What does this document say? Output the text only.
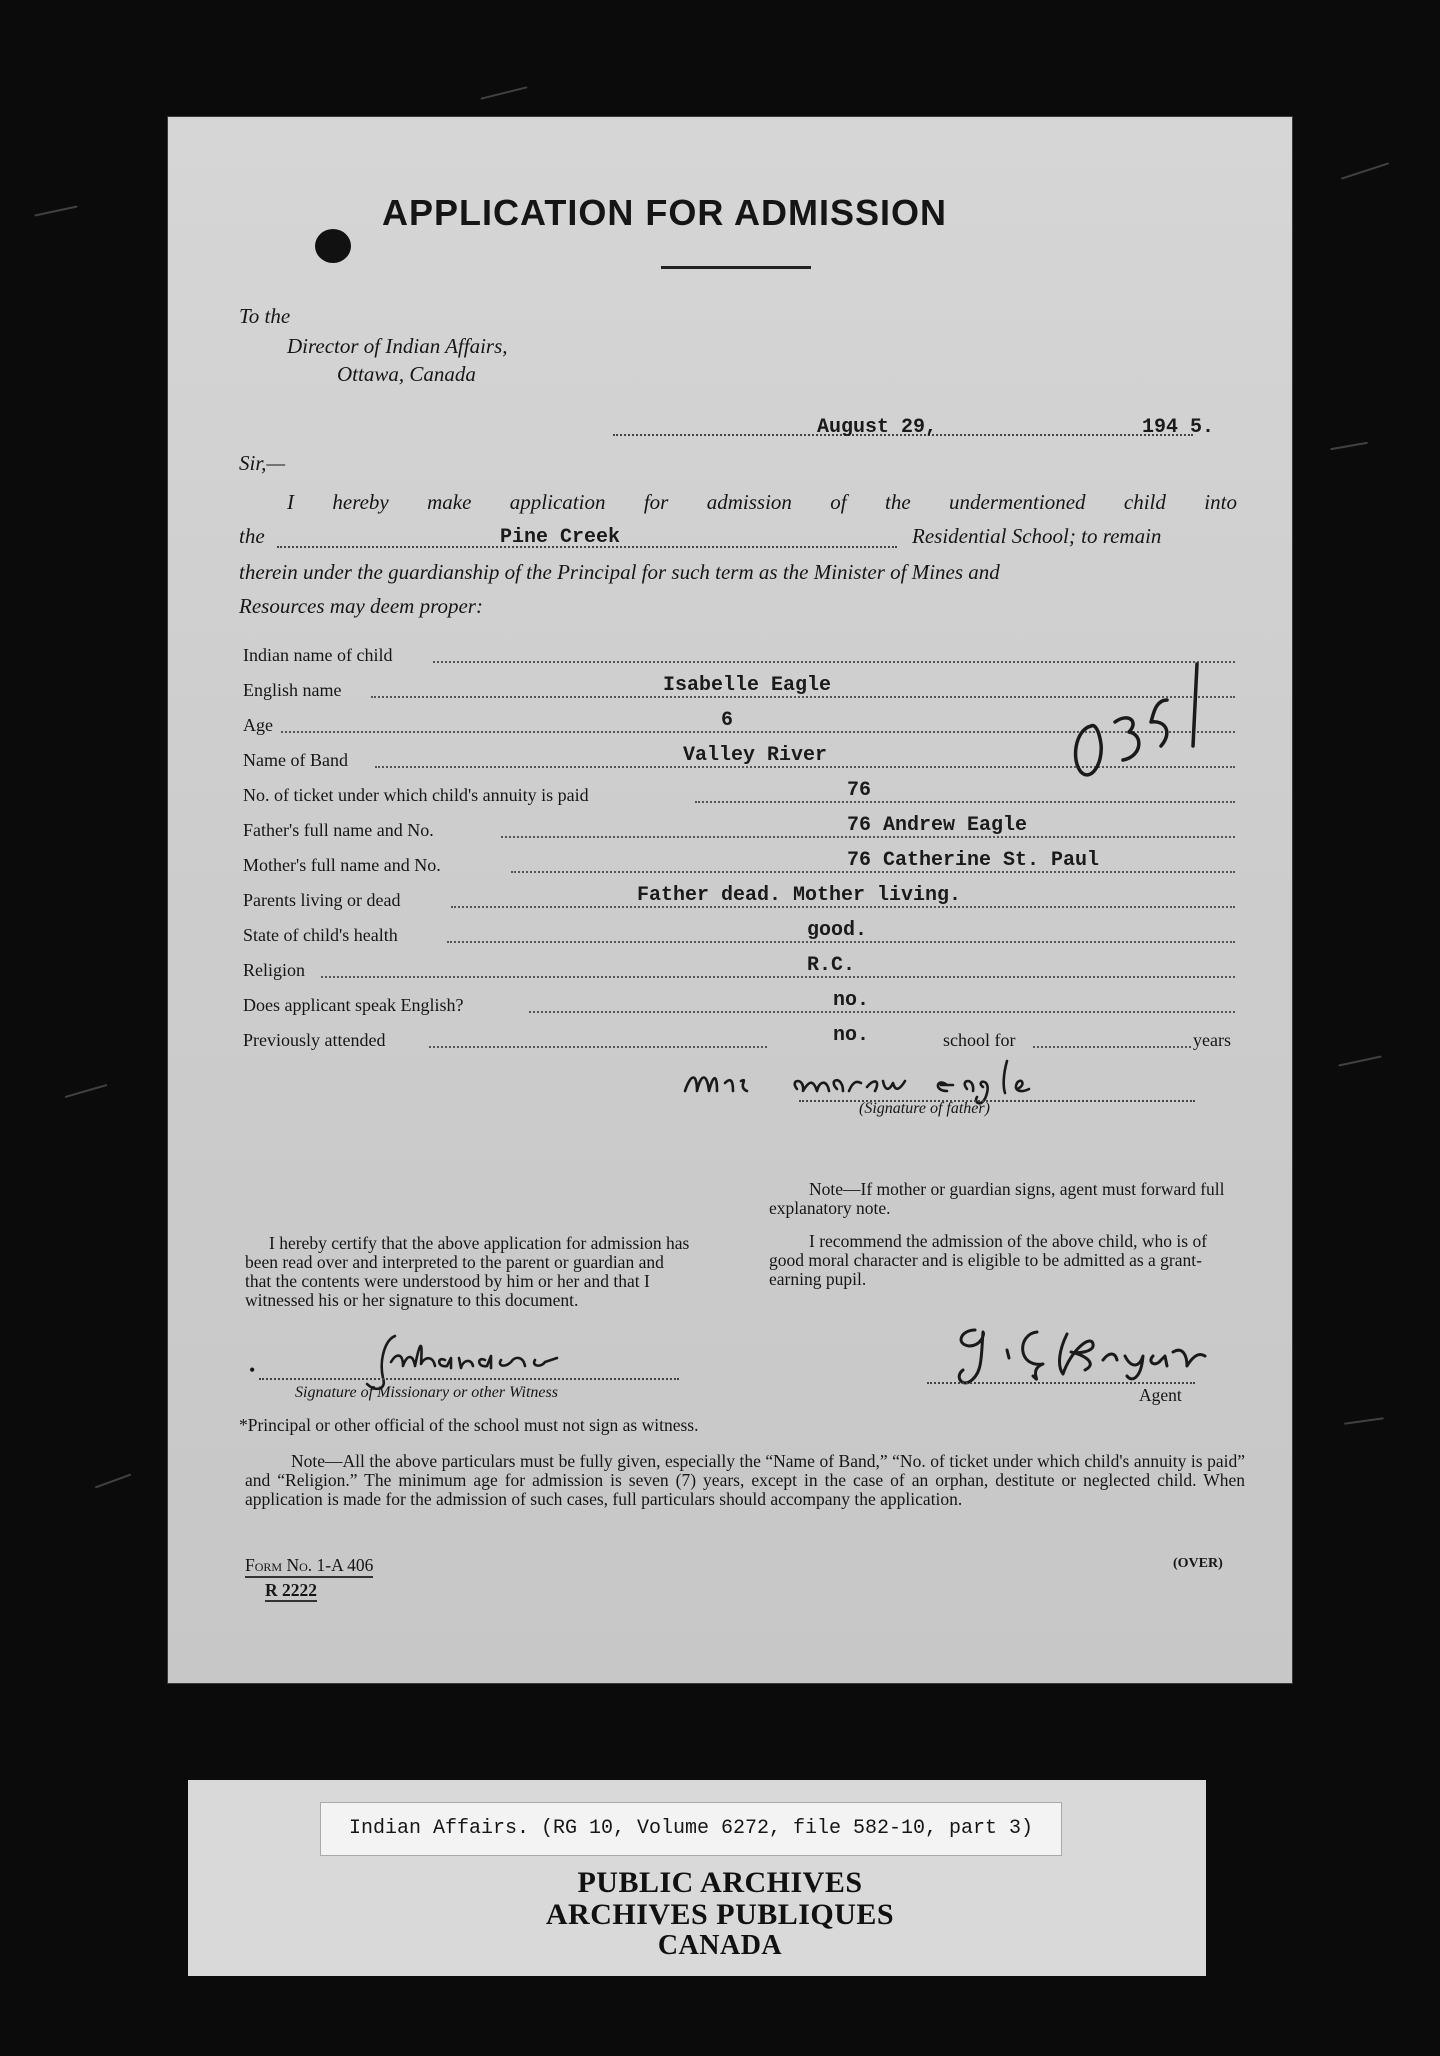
APPLICATION FOR ADMISSION
To the
Director of Indian Affairs,
Ottawa, Canada
August 29,	194 5.
Sir,—
I hereby make application for admission of the undermentioned child into
the	Pine Creek	Residential School; to remain
therein under the guardianship of the Principal for such term as the Minister of Mines and
Resources may deem proper:
Indian name of child
English name	Isabelle Eagle
Age	6
Name of Band	Valley River
No. of ticket under which child's annuity is paid	76
Father's full name and No.	76 Andrew Eagle
Mother's full name and No.	76 Catherine St. Paul
Parents living or dead	Father dead. Mother living.
State of child's health	good.
Religion	R.C.
Does applicant speak English?	no.
Previously attended	no.	school for	years
(Signature of father)
Note—If mother or guardian signs, agent must forward full explanatory note.
I recommend the admission of the above child, who is of good moral character and is eligible to be admitted as a grant-earning pupil.
I hereby certify that the above application for admission has been read over and interpreted to the parent or guardian and that the contents were understood by him or her and that I witnessed his or her signature to this document.
•
Signature of Missionary or other Witness	Agent
*Principal or other official of the school must not sign as witness.
Note—All the above particulars must be fully given, especially the “Name of Band,” “No. of ticket under which child's annuity is paid” and “Religion.” The minimum age for admission is seven (7) years, except in the case of an orphan, destitute or neglected child. When application is made for the admission of such cases, full particulars should accompany the application.
Form No. 1-A 406
R 2222
(OVER)
Indian Affairs. (RG 10, Volume 6272, file 582-10, part 3)
PUBLIC ARCHIVES
ARCHIVES PUBLIQUES
CANADA
